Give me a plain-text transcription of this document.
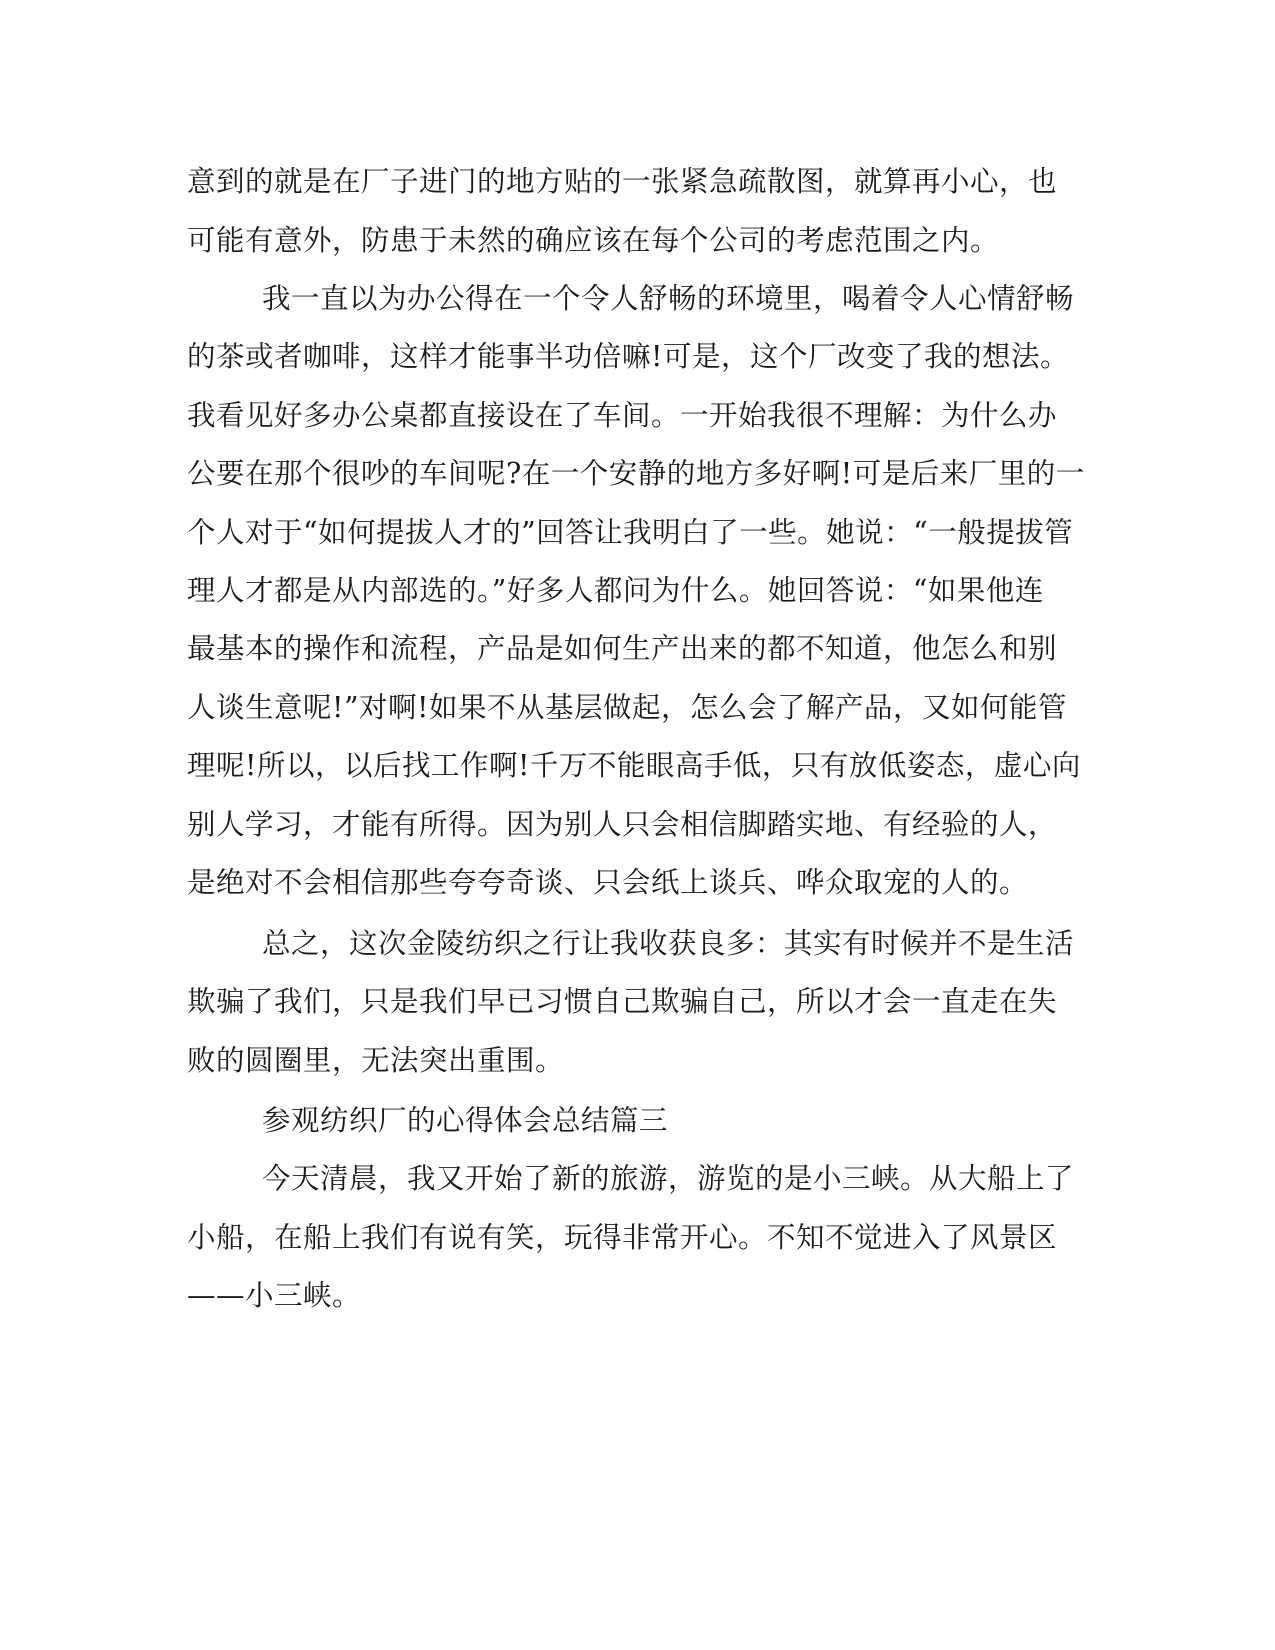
意到的就是在厂子进门的地方贴的一张紧急疏散图，就算再小心，也
可能有意外，防患于未然的确应该在每个公司的考虑范围之内。
我一直以为办公得在一个令人舒畅的环境里，喝着令人心情舒畅
的茶或者咖啡，这样才能事半功倍嘛!可是，这个厂改变了我的想法。
我看见好多办公桌都直接设在了车间。一开始我很不理解：为什么办
公要在那个很吵的车间呢?在一个安静的地方多好啊!可是后来厂里的一
个人对于“如何提拔人才的”回答让我明白了一些。她说：“一般提拔管
理人才都是从内部选的。”好多人都问为什么。她回答说：“如果他连
最基本的操作和流程，产品是如何生产出来的都不知道，他怎么和别
人谈生意呢!”对啊!如果不从基层做起，怎么会了解产品，又如何能管
理呢!所以，以后找工作啊!千万不能眼高手低，只有放低姿态，虚心向
别人学习，才能有所得。因为别人只会相信脚踏实地、有经验的人，
是绝对不会相信那些夸夸奇谈、只会纸上谈兵、哗众取宠的人的。
总之，这次金陵纺织之行让我收获良多：其实有时候并不是生活
欺骗了我们，只是我们早已习惯自己欺骗自己，所以才会一直走在失
败的圆圈里，无法突出重围。
参观纺织厂的心得体会总结篇三
今天清晨，我又开始了新的旅游，游览的是小三峡。从大船上了
小船，在船上我们有说有笑，玩得非常开心。不知不觉进入了风景区
——小三峡。
